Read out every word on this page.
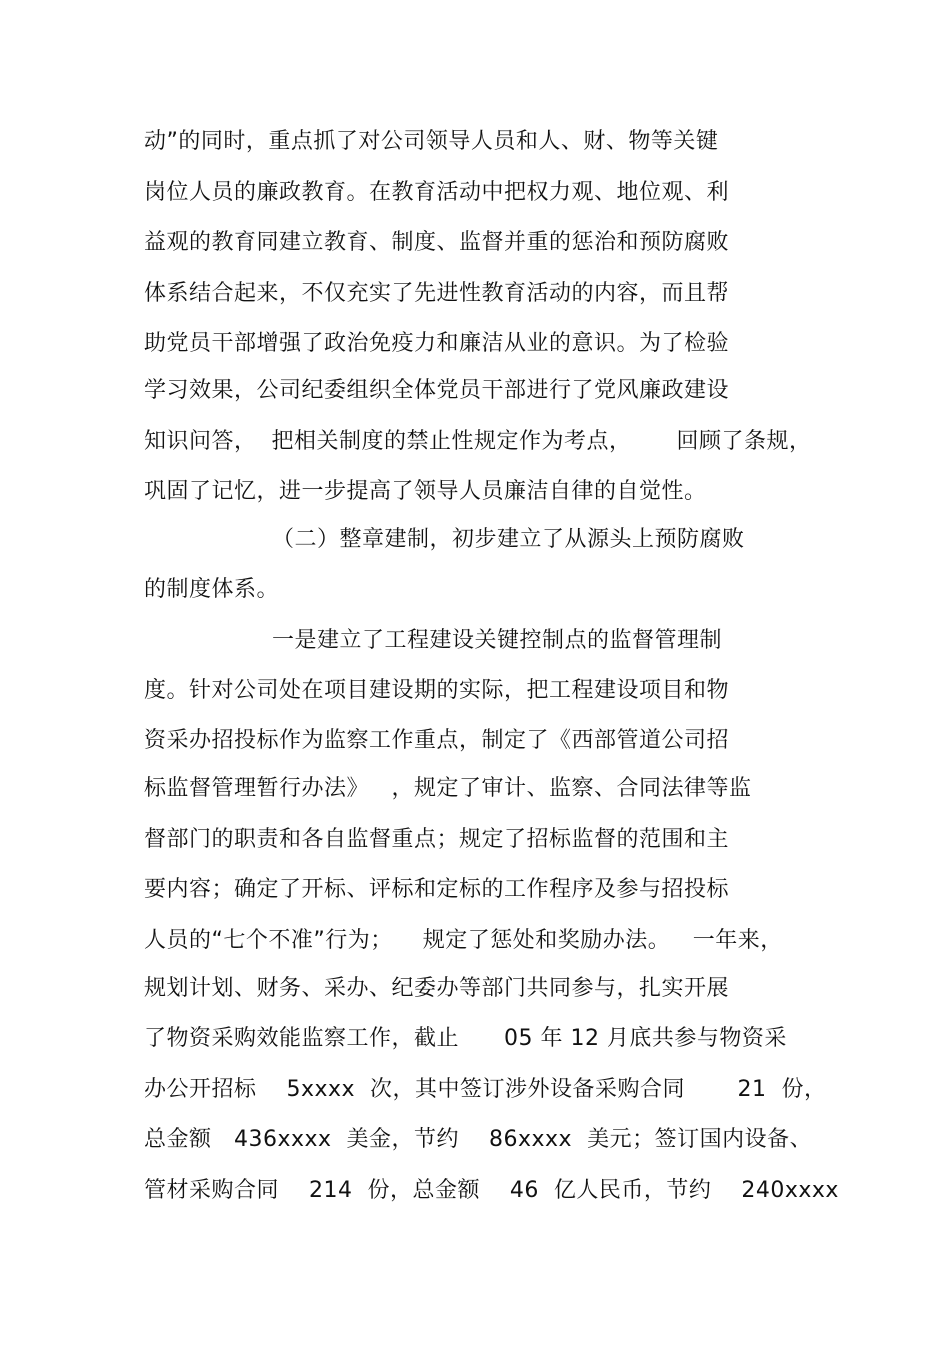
动”的同时，重点抓了对公司领导人员和人、财、物等关键
岗位人员的廉政教育。在教育活动中把权力观、地位观、利
益观的教育同建立教育、制度、监督并重的惩治和预防腐败
体系结合起来，不仅充实了先进性教育活动的内容，而且帮
助党员干部增强了政治免疫力和廉洁从业的意识。为了检验
学习效果，公司纪委组织全体党员干部进行了党风廉政建设
知识问答，  把相关制度的禁止性规定作为考点，      回顾了条规，
巩固了记忆，进一步提高了领导人员廉洁自律的自觉性。
（二）整章建制，初步建立了从源头上预防腐败
的制度体系。
一是建立了工程建设关键控制点的监督管理制
度。针对公司处在项目建设期的实际，把工程建设项目和物
资采办招投标作为监察工作重点，制定了《西部管道公司招
标监督管理暂行办法》   ，规定了审计、监察、合同法律等监
督部门的职责和各自监督重点；规定了招标监督的范围和主
要内容；确定了开标、评标和定标的工作程序及参与招投标
人员的“七个不准”行为；    规定了惩处和奖励办法。   一年来，
规划计划、财务、采办、纪委办等部门共同参与，扎实开展
了物资采购效能监察工作，截止      05 年 12 月底共参与物资采
办公开招标    5xxxx  次，其中签订涉外设备采购合同       21  份，
总金额   436xxxx  美金，节约    86xxxx  美元；签订国内设备、
管材采购合同    214  份，总金额    46  亿人民币，节约    240xxxx
